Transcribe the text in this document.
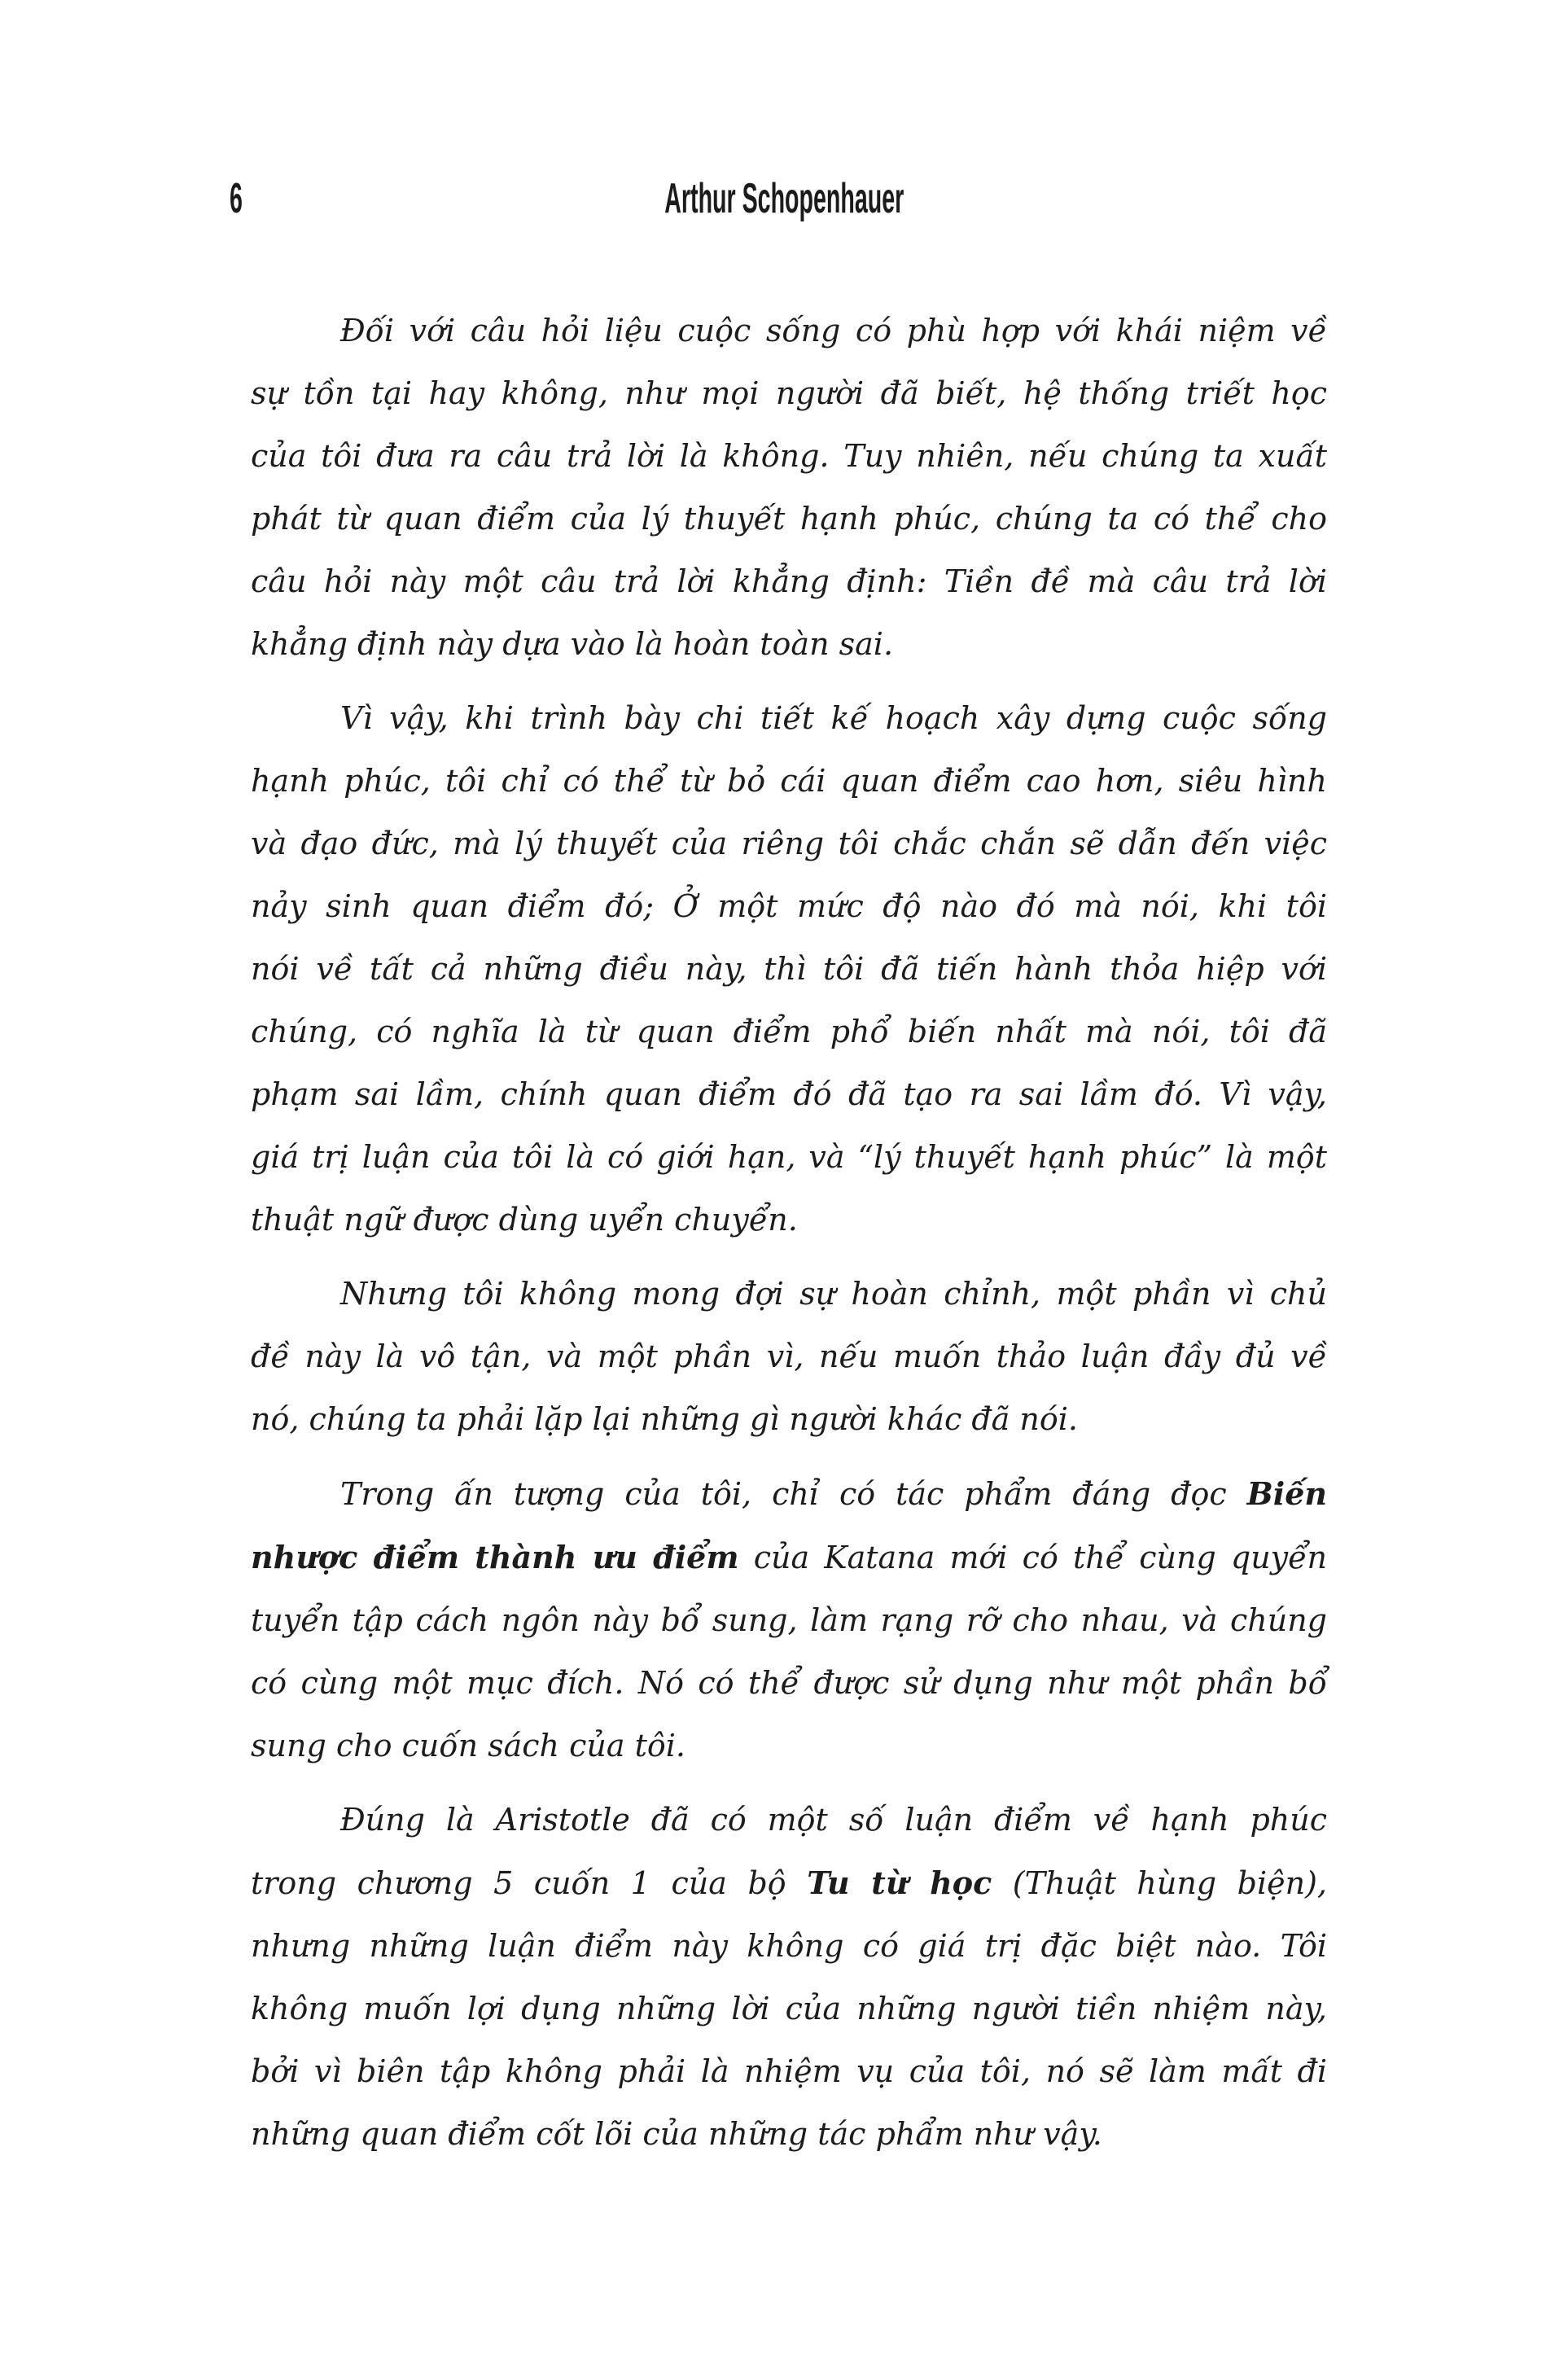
6	Arthur Schopenhauer
Đối với câu hỏi liệu cuộc sống có phù hợp với khái niệm về
sự tồn tại hay không, như mọi người đã biết, hệ thống triết học
của tôi đưa ra câu trả lời là không. Tuy nhiên, nếu chúng ta xuất
phát từ quan điểm của lý thuyết hạnh phúc, chúng ta có thể cho
câu hỏi này một câu trả lời khẳng định: Tiền đề mà câu trả lời
khẳng định này dựa vào là hoàn toàn sai.
Vì vậy, khi trình bày chi tiết kế hoạch xây dựng cuộc sống
hạnh phúc, tôi chỉ có thể từ bỏ cái quan điểm cao hơn, siêu hình
và đạo đức, mà lý thuyết của riêng tôi chắc chắn sẽ dẫn đến việc
nảy sinh quan điểm đó; Ở một mức độ nào đó mà nói, khi tôi
nói về tất cả những điều này, thì tôi đã tiến hành thỏa hiệp với
chúng, có nghĩa là từ quan điểm phổ biến nhất mà nói, tôi đã
phạm sai lầm, chính quan điểm đó đã tạo ra sai lầm đó. Vì vậy,
giá trị luận của tôi là có giới hạn, và “lý thuyết hạnh phúc” là một
thuật ngữ được dùng uyển chuyển.
Nhưng tôi không mong đợi sự hoàn chỉnh, một phần vì chủ
đề này là vô tận, và một phần vì, nếu muốn thảo luận đầy đủ về
nó, chúng ta phải lặp lại những gì người khác đã nói.
Trong ấn tượng của tôi, chỉ có tác phẩm đáng đọc Biến
nhược điểm thành ưu điểm của Katana mới có thể cùng quyển
tuyển tập cách ngôn này bổ sung, làm rạng rỡ cho nhau, và chúng
có cùng một mục đích. Nó có thể được sử dụng như một phần bổ
sung cho cuốn sách của tôi.
Đúng là Aristotle đã có một số luận điểm về hạnh phúc
trong chương 5 cuốn 1 của bộ Tu từ học (Thuật hùng biện),
nhưng những luận điểm này không có giá trị đặc biệt nào. Tôi
không muốn lợi dụng những lời của những người tiền nhiệm này,
bởi vì biên tập không phải là nhiệm vụ của tôi, nó sẽ làm mất đi
những quan điểm cốt lõi của những tác phẩm như vậy.
